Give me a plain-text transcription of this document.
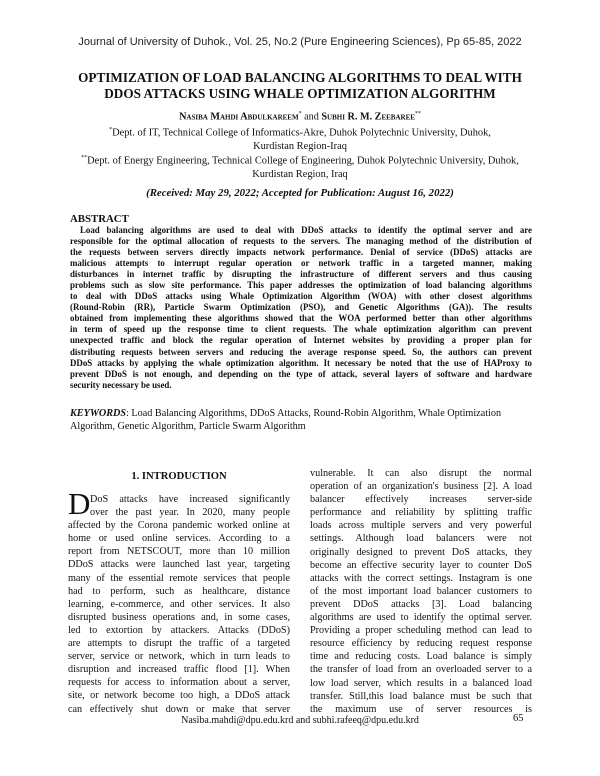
Journal of University of Duhok., Vol. 25, No.2 (Pure Engineering Sciences), Pp 65-85, 2022
OPTIMIZATION OF LOAD BALANCING ALGORITHMS TO DEAL WITH
DDOS ATTACKS USING WHALE OPTIMIZATION ALGORITHM
Nasiba Mahdi Abdulkareem* and Subhi R. M. Zeebaree**
*Dept. of IT, Technical College of Informatics-Akre, Duhok Polytechnic University, Duhok,
Kurdistan Region-Iraq
**Dept. of Energy Engineering, Technical College of Engineering, Duhok Polytechnic University, Duhok,
Kurdistan Region, Iraq
(Received: May 29, 2022; Accepted for Publication: August 16, 2022)
ABSTRACT
Load balancing algorithms are used to deal with DDoS attacks to identify the optimal server and are
responsible for the optimal allocation of requests to the servers. The managing method of the distribution of
the requests between servers directly impacts network performance. Denial of service (DDoS) attacks are
malicious attempts to interrupt regular operation or network traffic in a targeted manner, making
disturbances in internet traffic by disrupting the infrastructure of different servers and thus causing
problems such as slow site performance. This paper addresses the optimization of load balancing algorithms
to deal with DDoS attacks using Whale Optimization Algorithm (WOA) with other closest algorithms
(Round-Robin (RR), Particle Swarm Optimization (PSO), and Genetic Algorithms (GA)). The results
obtained from implementing these algorithms showed that the WOA performed better than other algorithms
in term of speed up the response time to client requests. The whale optimization algorithm can prevent
unexpected traffic and block the regular operation of Internet websites by providing a proper plan for
distributing requests between servers and reducing the average response speed. So, the authors can prevent
DDoS attacks by applying the whale optimization algorithm. It necessary be noted that the use of HAProxy to
prevent DDoS is not enough, and depending on the type of attack, several layers of software and hardware
security necessary be used.
KEYWORDS: Load Balancing Algorithms, DDoS Attacks, Round-Robin Algorithm, Whale Optimization
Algorithm, Genetic Algorithm, Particle Swarm Algorithm
1. INTRODUCTION
D DoS attacks have increased significantly
over the past year. In 2020, many people
affected by the Corona pandemic worked online at
home or used online services. According to a
report from NETSCOUT, more than 10 million
DDoS attacks were launched last year, targeting
many of the essential remote services that people
had to perform, such as healthcare, distance
learning, e-commerce, and other services. It also
disrupted business operations and, in some cases,
led to extortion by attackers. Attacks (DDoS)
are attempts to disrupt the traffic of a targeted
server, service or network, which in turn leads to
disruption and increased traffic flood [1]. When
requests for access to information about a server,
site, or network become too high, a DDoS attack
can effectively shut down or make that server
vulnerable. It can also disrupt the normal
operation of an organization's business [2]. A load
balancer effectively increases server-side
performance and reliability by splitting traffic
loads across multiple servers and very powerful
settings. Although load balancers were not
originally designed to prevent DoS attacks, they
become an effective security layer to counter DoS
attacks with the correct settings. Instagram is one
of the most important load balancer customers to
prevent DDoS attacks [3]. Load balancing
algorithms are used to identify the optimal server.
Providing a proper scheduling method can lead to
resource efficiency by reducing request response
time and reducing costs. Load balance is simply
the transfer of load from an overloaded server to a
low load server, which results in a balanced load
transfer. Still,this load balance must be such that
the maximum use of server resources is
Nasiba.mahdi@dpu.edu.krd and subhi.rafeeq@dpu.edu.krd	65
